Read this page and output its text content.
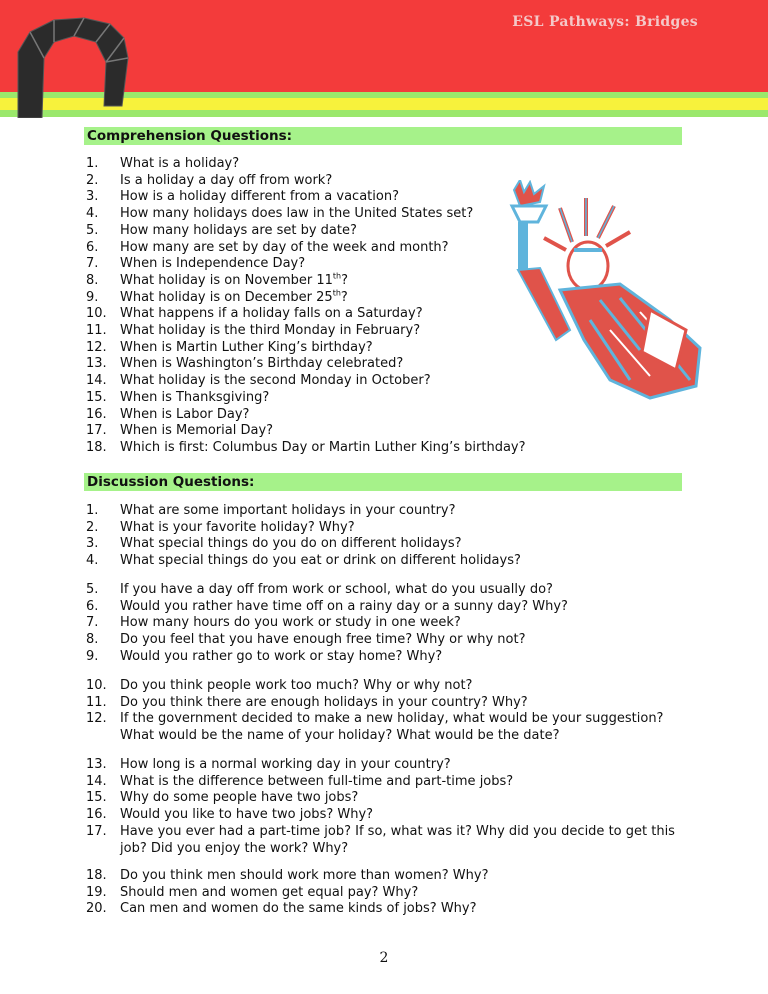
ESL Pathways: Bridges
Comprehension Questions:
1.	What is a holiday?
2.	Is a holiday a day off from work?
3.	How is a holiday different from a vacation?
4.	How many holidays does law in the United States set?
5.	How many holidays are set by date?
6.	How many are set by day of the week and month?
7.	When is Independence Day?
8.	What holiday is on November 11th?
9.	What holiday is on December 25th?
10.	What happens if a holiday falls on a Saturday?
11.	What holiday is the third Monday in February?
12.	When is Martin Luther King’s birthday?
13.	When is Washington’s Birthday celebrated?
14.	What holiday is the second Monday in October?
15.	When is Thanksgiving?
16.	When is Labor Day?
17.	When is Memorial Day?
18.	Which is first: Columbus Day or Martin Luther King’s birthday?
Discussion Questions:
1.	What are some important holidays in your country?
2.	What is your favorite holiday? Why?
3.	What special things do you do on different holidays?
4.	What special things do you eat or drink on different holidays?
5.	If you have a day off from work or school, what do you usually do?
6.	Would you rather have time off on a rainy day or a sunny day? Why?
7.	How many hours do you work or study in one week?
8.	Do you feel that you have enough free time? Why or why not?
9.	Would you rather go to work or stay home? Why?
10.	Do you think people work too much? Why or why not?
11.	Do you think there are enough holidays in your country? Why?
12.	If the government decided to make a new holiday, what would be your suggestion? What would be the name of your holiday? What would be the date?
13.	How long is a normal working day in your country?
14.	What is the difference between full-time and part-time jobs?
15.	Why do some people have two jobs?
16.	Would you like to have two jobs? Why?
17.	Have you ever had a part-time job? If so, what was it? Why did you decide to get this job? Did you enjoy the work? Why?
18.	Do you think men should work more than women? Why?
19.	Should men and women get equal pay? Why?
20.	Can men and women do the same kinds of jobs? Why?
2
